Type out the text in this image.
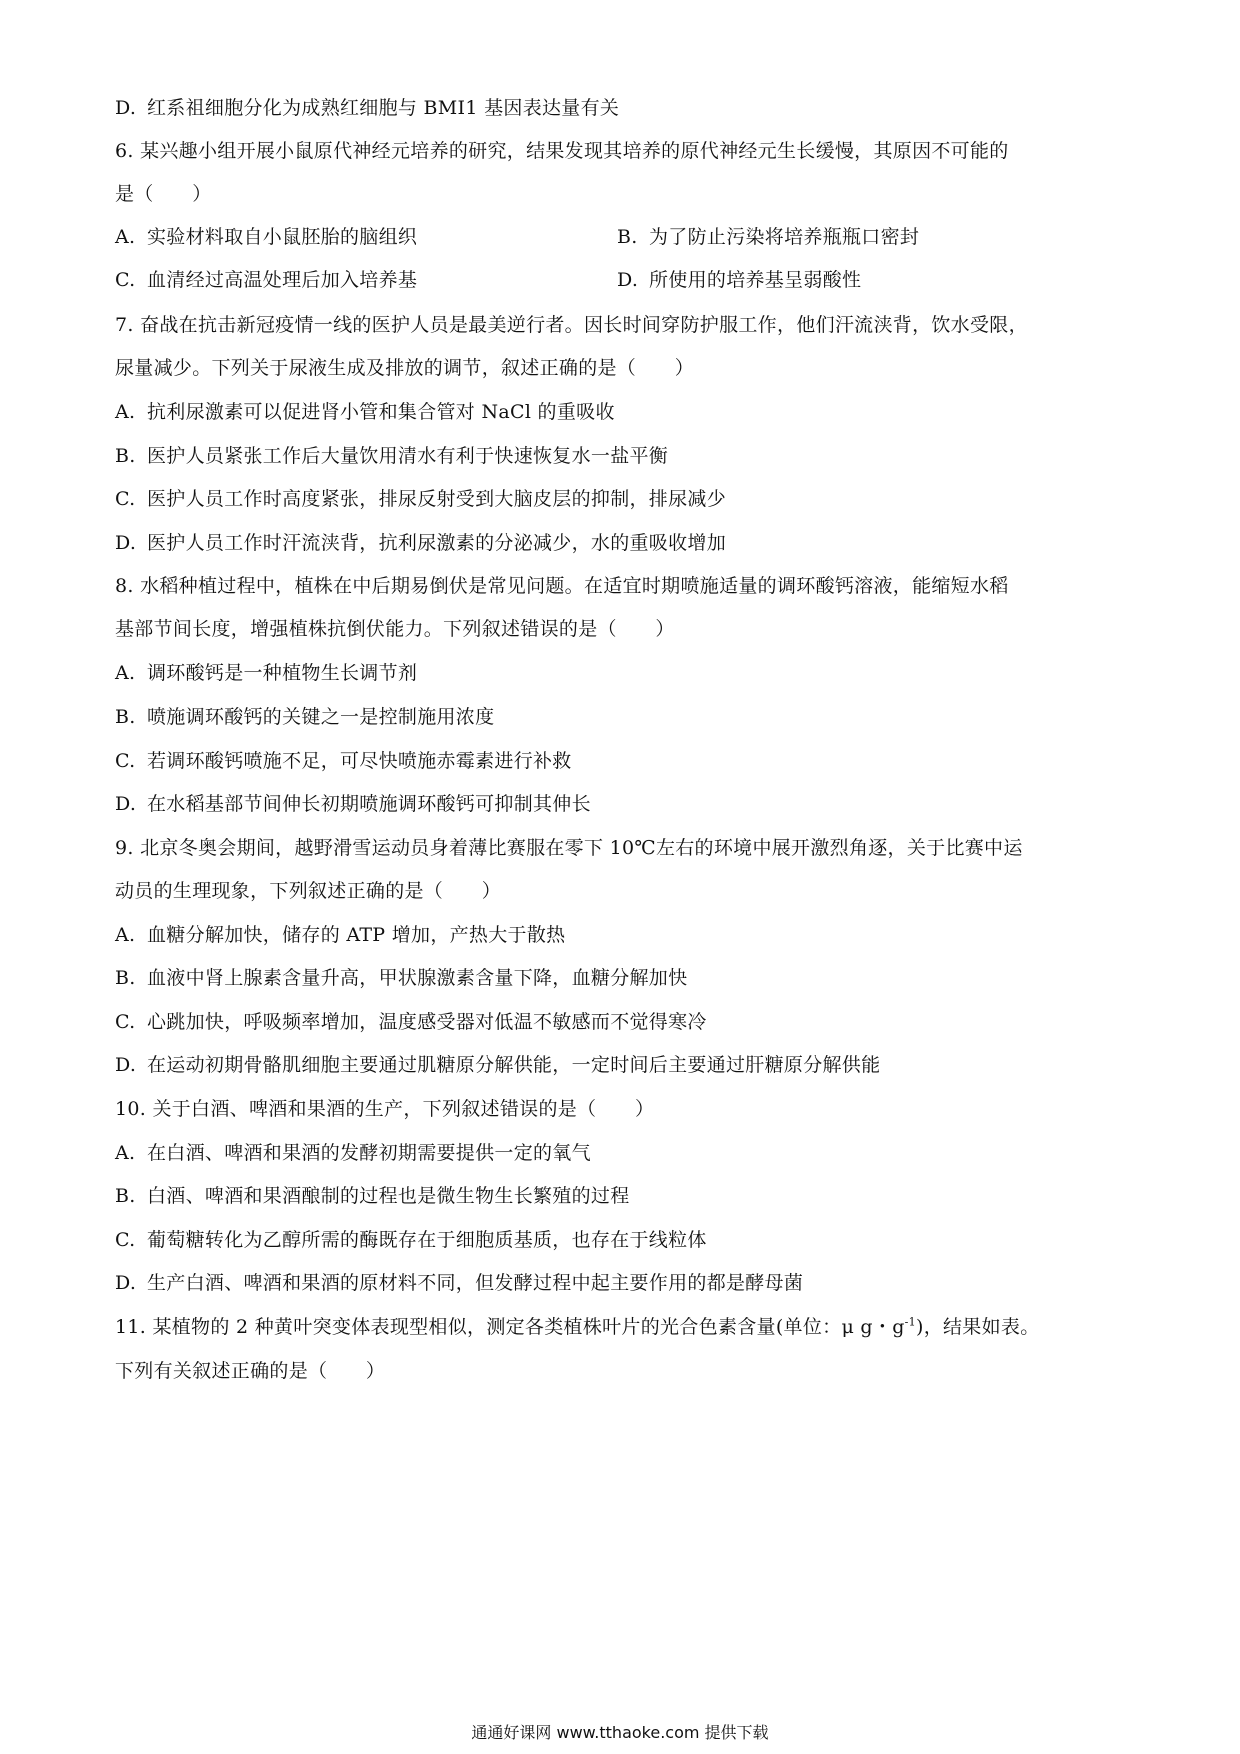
D. 红系祖细胞分化为成熟红细胞与 BMI1 基因表达量有关
6. 某兴趣小组开展小鼠原代神经元培养的研究，结果发现其培养的原代神经元生长缓慢，其原因不可能的
是（　　）
A. 实验材料取自小鼠胚胎的脑组织	B. 为了防止污染将培养瓶瓶口密封
C. 血清经过高温处理后加入培养基	D. 所使用的培养基呈弱酸性
7. 奋战在抗击新冠疫情一线的医护人员是最美逆行者。因长时间穿防护服工作，他们汗流浃背，饮水受限，
尿量减少。下列关于尿液生成及排放的调节，叙述正确的是（　　）
A. 抗利尿激素可以促进肾小管和集合管对 NaCl 的重吸收
B. 医护人员紧张工作后大量饮用清水有利于快速恢复水一盐平衡
C. 医护人员工作时高度紧张，排尿反射受到大脑皮层的抑制，排尿减少
D. 医护人员工作时汗流浃背，抗利尿激素的分泌减少，水的重吸收增加
8. 水稻种植过程中，植株在中后期易倒伏是常见问题。在适宜时期喷施适量的调环酸钙溶液，能缩短水稻
基部节间长度，增强植株抗倒伏能力。下列叙述错误的是（　　）
A. 调环酸钙是一种植物生长调节剂
B. 喷施调环酸钙的关键之一是控制施用浓度
C. 若调环酸钙喷施不足，可尽快喷施赤霉素进行补救
D. 在水稻基部节间伸长初期喷施调环酸钙可抑制其伸长
9. 北京冬奥会期间，越野滑雪运动员身着薄比赛服在零下 10℃左右的环境中展开激烈角逐，关于比赛中运
动员的生理现象，下列叙述正确的是（　　）
A. 血糖分解加快，储存的 ATP 增加，产热大于散热
B. 血液中肾上腺素含量升高，甲状腺激素含量下降，血糖分解加快
C. 心跳加快，呼吸频率增加，温度感受器对低温不敏感而不觉得寒冷
D. 在运动初期骨骼肌细胞主要通过肌糖原分解供能，一定时间后主要通过肝糖原分解供能
10. 关于白酒、啤酒和果酒的生产，下列叙述错误的是（　　）
A. 在白酒、啤酒和果酒的发酵初期需要提供一定的氧气
B. 白酒、啤酒和果酒酿制的过程也是微生物生长繁殖的过程
C. 葡萄糖转化为乙醇所需的酶既存在于细胞质基质，也存在于线粒体
D. 生产白酒、啤酒和果酒的原材料不同，但发酵过程中起主要作用的都是酵母菌
11. 某植物的 2 种黄叶突变体表现型相似，测定各类植株叶片的光合色素含量(单位：μ g・$g^{-1}$)，结果如表。
下列有关叙述正确的是（　　）
通通好课网 www.tthaoke.com 提供下载
